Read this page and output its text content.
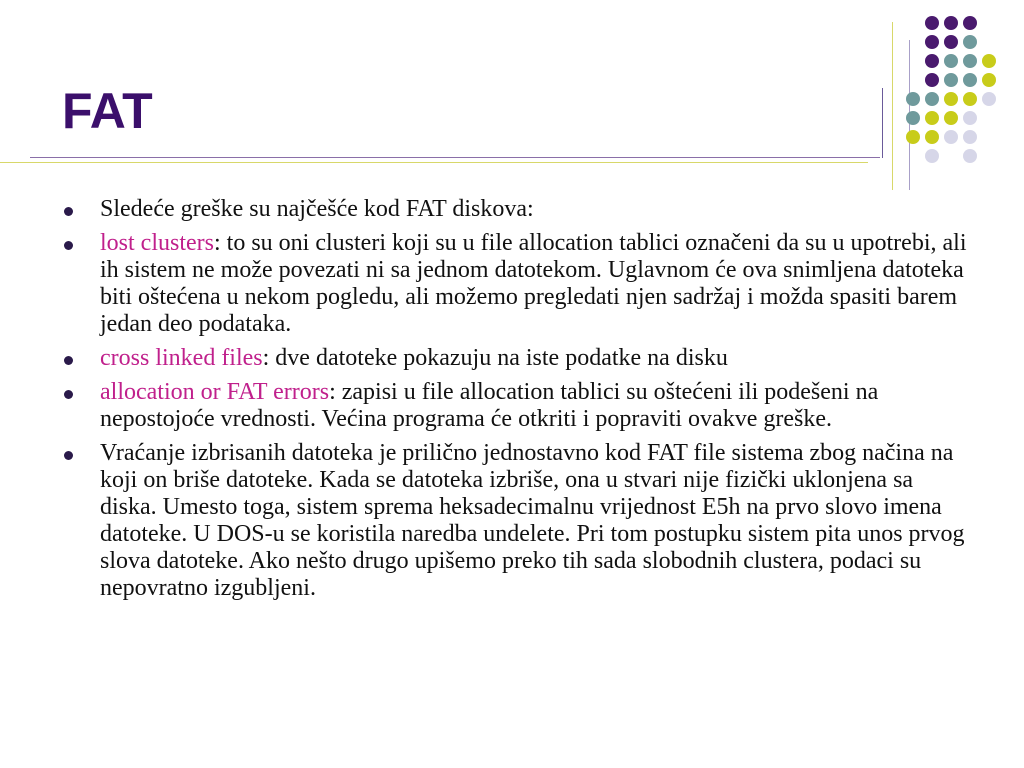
FAT
Sledeće greške su najčešće kod FAT diskova:
lost clusters: to su oni clusteri koji su u file allocation tablici označeni da su u upotrebi, ali ih sistem ne može povezati ni sa jednom datotekom. Uglavnom će ova snimljena datoteka biti oštećena u nekom pogledu, ali možemo pregledati njen sadržaj i možda spasiti barem jedan deo podataka.
cross linked files: dve datoteke pokazuju na iste podatke na disku
allocation or FAT errors: zapisi u file allocation tablici su oštećeni ili podešeni na nepostojoće vrednosti. Većina programa će otkriti i popraviti ovakve greške.
Vraćanje izbrisanih datoteka je prilično jednostavno kod FAT file sistema zbog načina na koji on briše datoteke. Kada se datoteka izbriše, ona u stvari nije fizički uklonjena sa diska. Umesto toga, sistem sprema heksadecimalnu vrijednost E5h na prvo slovo imena datoteke. U DOS-u se koristila naredba undelete. Pri tom postupku sistem pita unos prvog slova datoteke. Ako nešto drugo upišemo preko tih sada slobodnih clustera, podaci su nepovratno izgubljeni.
